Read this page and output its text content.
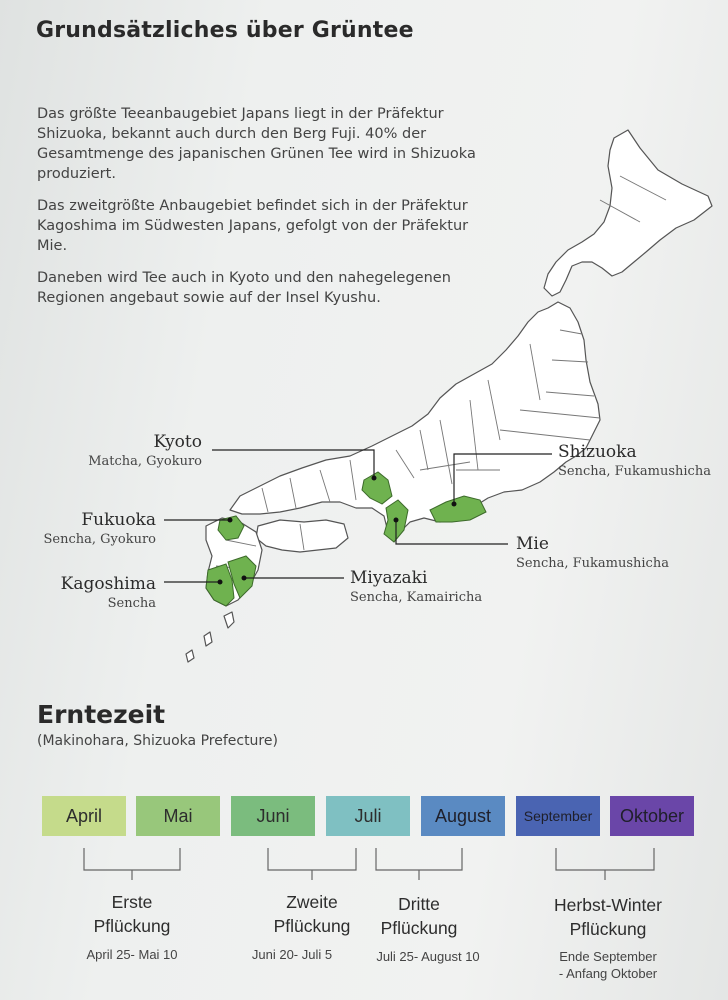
Grundsätzliches über Grüntee

Das größte Teeanbaugebiet Japans liegt in der Präfektur Shizuoka, bekannt auch durch den Berg Fuji. 40% der Gesamtmenge des japanischen Grünen Tee wird in Shizuoka produziert.

Das zweitgrößte Anbaugebiet befindet sich in der Präfektur Kagoshima im Südwesten Japans, gefolgt von der Präfektur Mie.

Daneben wird Tee auch in Kyoto und den nahegelegenen Regionen angebaut sowie auf der Insel Kyushu.

Kyoto
Matcha, Gyokuro	Shizuoka
Sencha, Fukamushicha
Fukuoka
Sencha, Gyokuro	Mie
Sencha, Fukamushicha
Kagoshima
Sencha
Miyazaki
Sencha, Kamairicha
Erntezeit
(Makinohara, Shizuoka Prefecture)
April	Mai	Juni	Juli	August	September	Oktober
Erste
Pflückung
April 25- Mai 10
Zweite
Pflückung
Juni 20- Juli 5
Dritte
Pflückung
Juli 25- August 10
Herbst-Winter
Pflückung
Ende September
- Anfang Oktober
